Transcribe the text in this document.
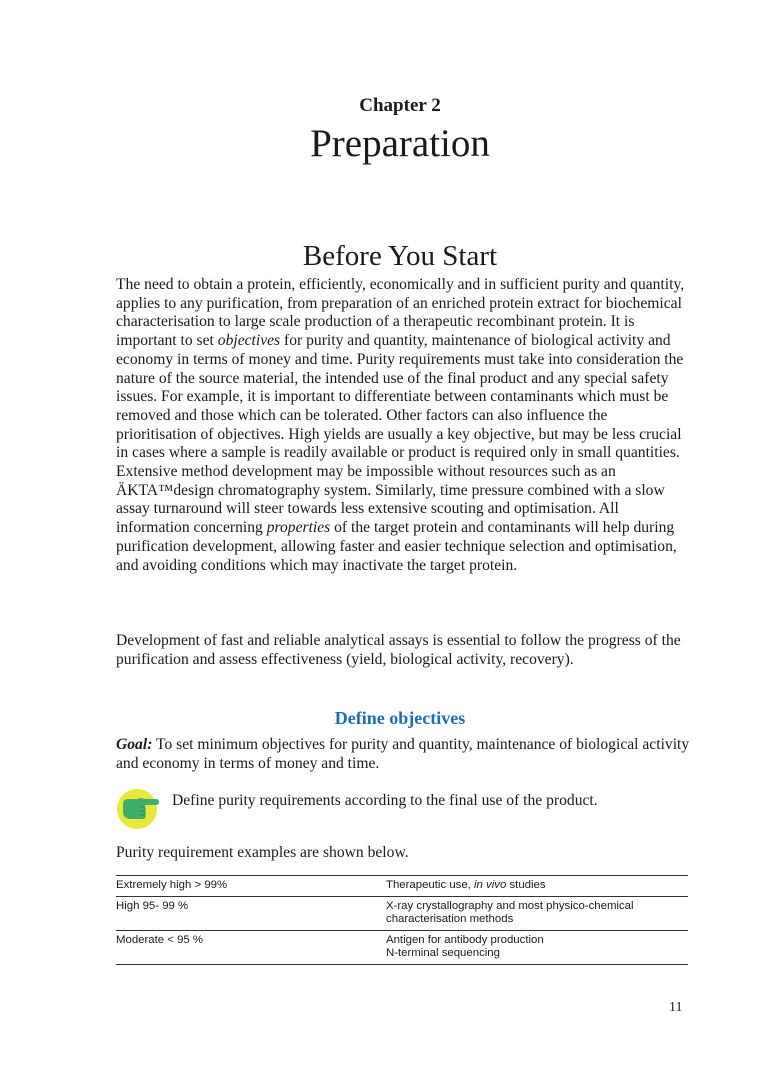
Chapter 2
Preparation
Before You Start

The need to obtain a protein, efficiently, economically and in sufficient purity and quantity, applies to any purification, from preparation of an enriched protein extract for biochemical characterisation to large scale production of a therapeutic recombinant protein. It is important to set objectives for purity and quantity, maintenance of biological activity and economy in terms of money and time. Purity requirements must take into consideration the nature of the source material, the intended use of the final product and any special safety issues. For example, it is important to differentiate between contaminants which must be removed and those which can be tolerated. Other factors can also influence the prioritisation of objectives. High yields are usually a key objective, but may be less crucial in cases where a sample is readily available or product is required only in small quantities. Extensive method development may be impossible without resources such as an ÄKTA™design chromatography system. Similarly, time pressure combined with a slow assay turnaround will steer towards less extensive scouting and optimisation. All information concerning properties of the target protein and contaminants will help during purification development, allowing faster and easier technique selection and optimisation, and avoiding conditions which may inactivate the target protein.

Development of fast and reliable analytical assays is essential to follow the progress of the purification and assess effectiveness (yield, biological activity, recovery).

Define objectives

Goal: To set minimum objectives for purity and quantity, maintenance of biological activity and economy in terms of money and time.

Define purity requirements according to the final use of the product.

Purity requirement examples are shown below.

Extremely high > 99%	Therapeutic use, in vivo studies
High 95- 99 %	X-ray crystallography and most physico-chemical
characterisation methods
Moderate < 95 %	Antigen for antibody production
N-terminal sequencing
11
